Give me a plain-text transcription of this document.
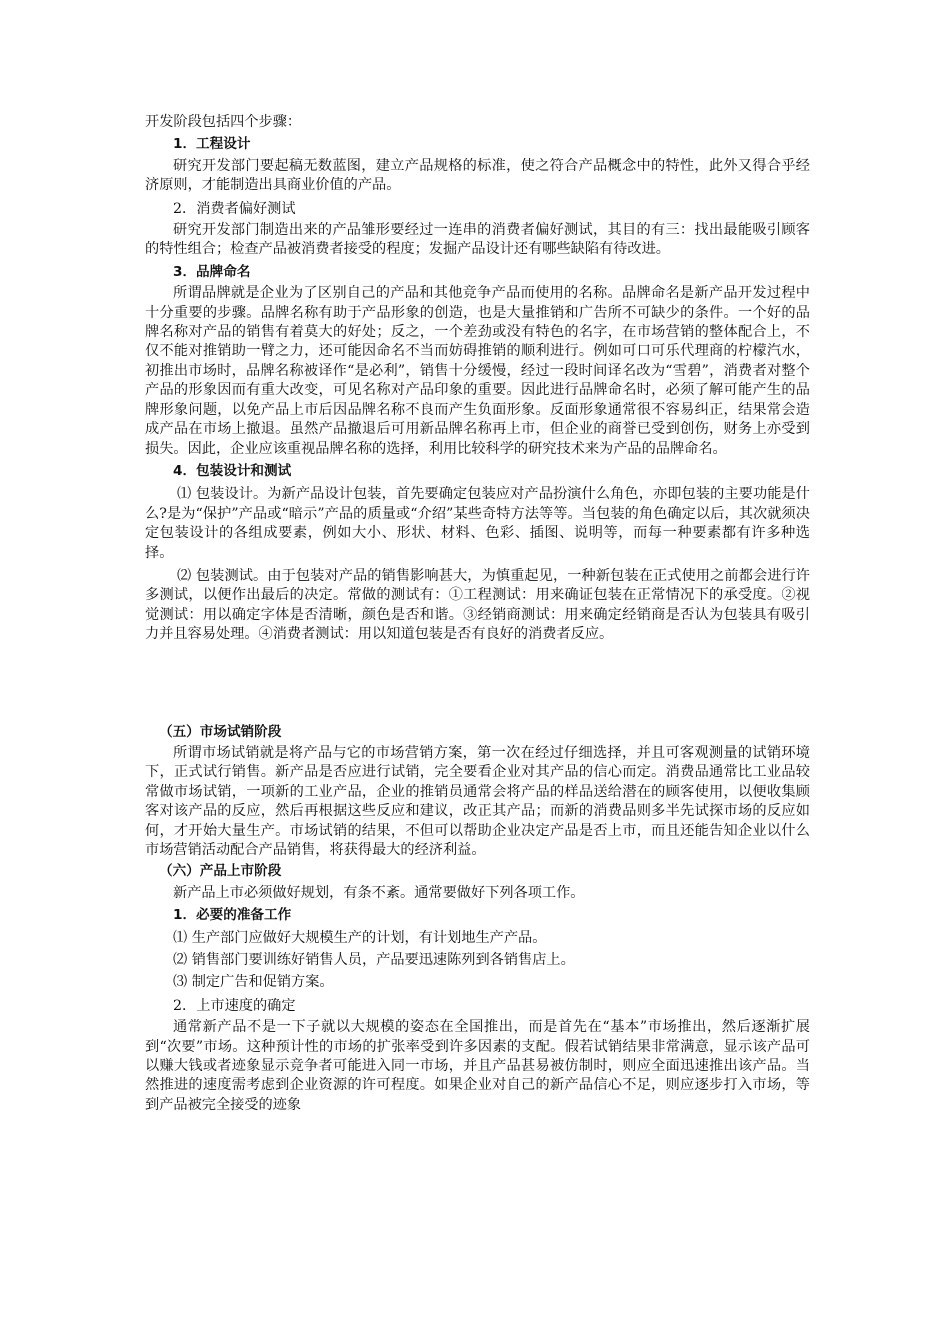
开发阶段包括四个步骤：

1．工程设计

研究开发部门要起稿无数蓝图，建立产品规格的标准，使之符合产品概念中的特性，此外又得合乎经济原则，才能制造出具商业价值的产品。

2．消费者偏好测试

研究开发部门制造出来的产品雏形要经过一连串的消费者偏好测试，其目的有三：找出最能吸引顾客的特性组合；检查产品被消费者接受的程度；发掘产品设计还有哪些缺陷有待改进。

3．品牌命名

所谓品牌就是企业为了区别自己的产品和其他竞争产品而使用的名称。品牌命名是新产品开发过程中十分重要的步骤。品牌名称有助于产品形象的创造，也是大量推销和广告所不可缺少的条件。一个好的品牌名称对产品的销售有着莫大的好处；反之，一个差劲或没有特色的名字，在市场营销的整体配合上，不仅不能对推销助一臂之力，还可能因命名不当而妨碍推销的顺利进行。例如可口可乐代理商的柠檬汽水，初推出市场时，品牌名称被译作“是必利”，销售十分缓慢，经过一段时间译名改为“雪碧”，消费者对整个产品的形象因而有重大改变，可见名称对产品印象的重要。因此进行品牌命名时，必须了解可能产生的品牌形象问题，以免产品上市后因品牌名称不良而产生负面形象。反面形象通常很不容易纠正，结果常会造成产品在市场上撤退。虽然产品撤退后可用新品牌名称再上市，但企业的商誉已受到创伤，财务上亦受到损失。因此，企业应该重视品牌名称的选择，利用比较科学的研究技术来为产品的品牌命名。

4．包装设计和测试

⑴ 包装设计。为新产品设计包装，首先要确定包装应对产品扮演什么角色，亦即包装的主要功能是什么?是为“保护”产品或“暗示”产品的质量或“介绍”某些奇特方法等等。当包装的角色确定以后，其次就须决定包装设计的各组成要素，例如大小、形状、材料、色彩、插图、说明等，而每一种要素都有许多种选择。

⑵ 包装测试。由于包装对产品的销售影响甚大，为慎重起见，一种新包装在正式使用之前都会进行许多测试，以便作出最后的决定。常做的测试有：①工程测试：用来确证包装在正常情况下的承受度。②视觉测试：用以确定字体是否清晰，颜色是否和谐。③经销商测试：用来确定经销商是否认为包装具有吸引力并且容易处理。④消费者测试：用以知道包装是否有良好的消费者反应。

（五）市场试销阶段

所谓市场试销就是将产品与它的市场营销方案，第一次在经过仔细选择，并且可客观测量的试销环境下，正式试行销售。新产品是否应进行试销，完全要看企业对其产品的信心而定。消费品通常比工业品较常做市场试销，一项新的工业产品，企业的推销员通常会将产品的样品送给潜在的顾客使用，以便收集顾客对该产品的反应，然后再根据这些反应和建议，改正其产品；而新的消费品则多半先试探市场的反应如何，才开始大量生产。市场试销的结果，不但可以帮助企业决定产品是否上市，而且还能告知企业以什么市场营销活动配合产品销售，将获得最大的经济利益。

（六）产品上市阶段

新产品上市必须做好规划，有条不紊。通常要做好下列各项工作。

1．必要的准备工作

⑴ 生产部门应做好大规模生产的计划，有计划地生产产品。

⑵ 销售部门要训练好销售人员，产品要迅速陈列到各销售店上。

⑶ 制定广告和促销方案。

2．上市速度的确定

通常新产品不是一下子就以大规模的姿态在全国推出，而是首先在“基本”市场推出，然后逐渐扩展到“次要”市场。这种预计性的市场的扩张率受到许多因素的支配。假若试销结果非常满意，显示该产品可以赚大钱或者迹象显示竞争者可能进入同一市场，并且产品甚易被仿制时，则应全面迅速推出该产品。当然推进的速度需考虑到企业资源的许可程度。如果企业对自己的新产品信心不足，则应逐步打入市场，等到产品被完全接受的迹象
